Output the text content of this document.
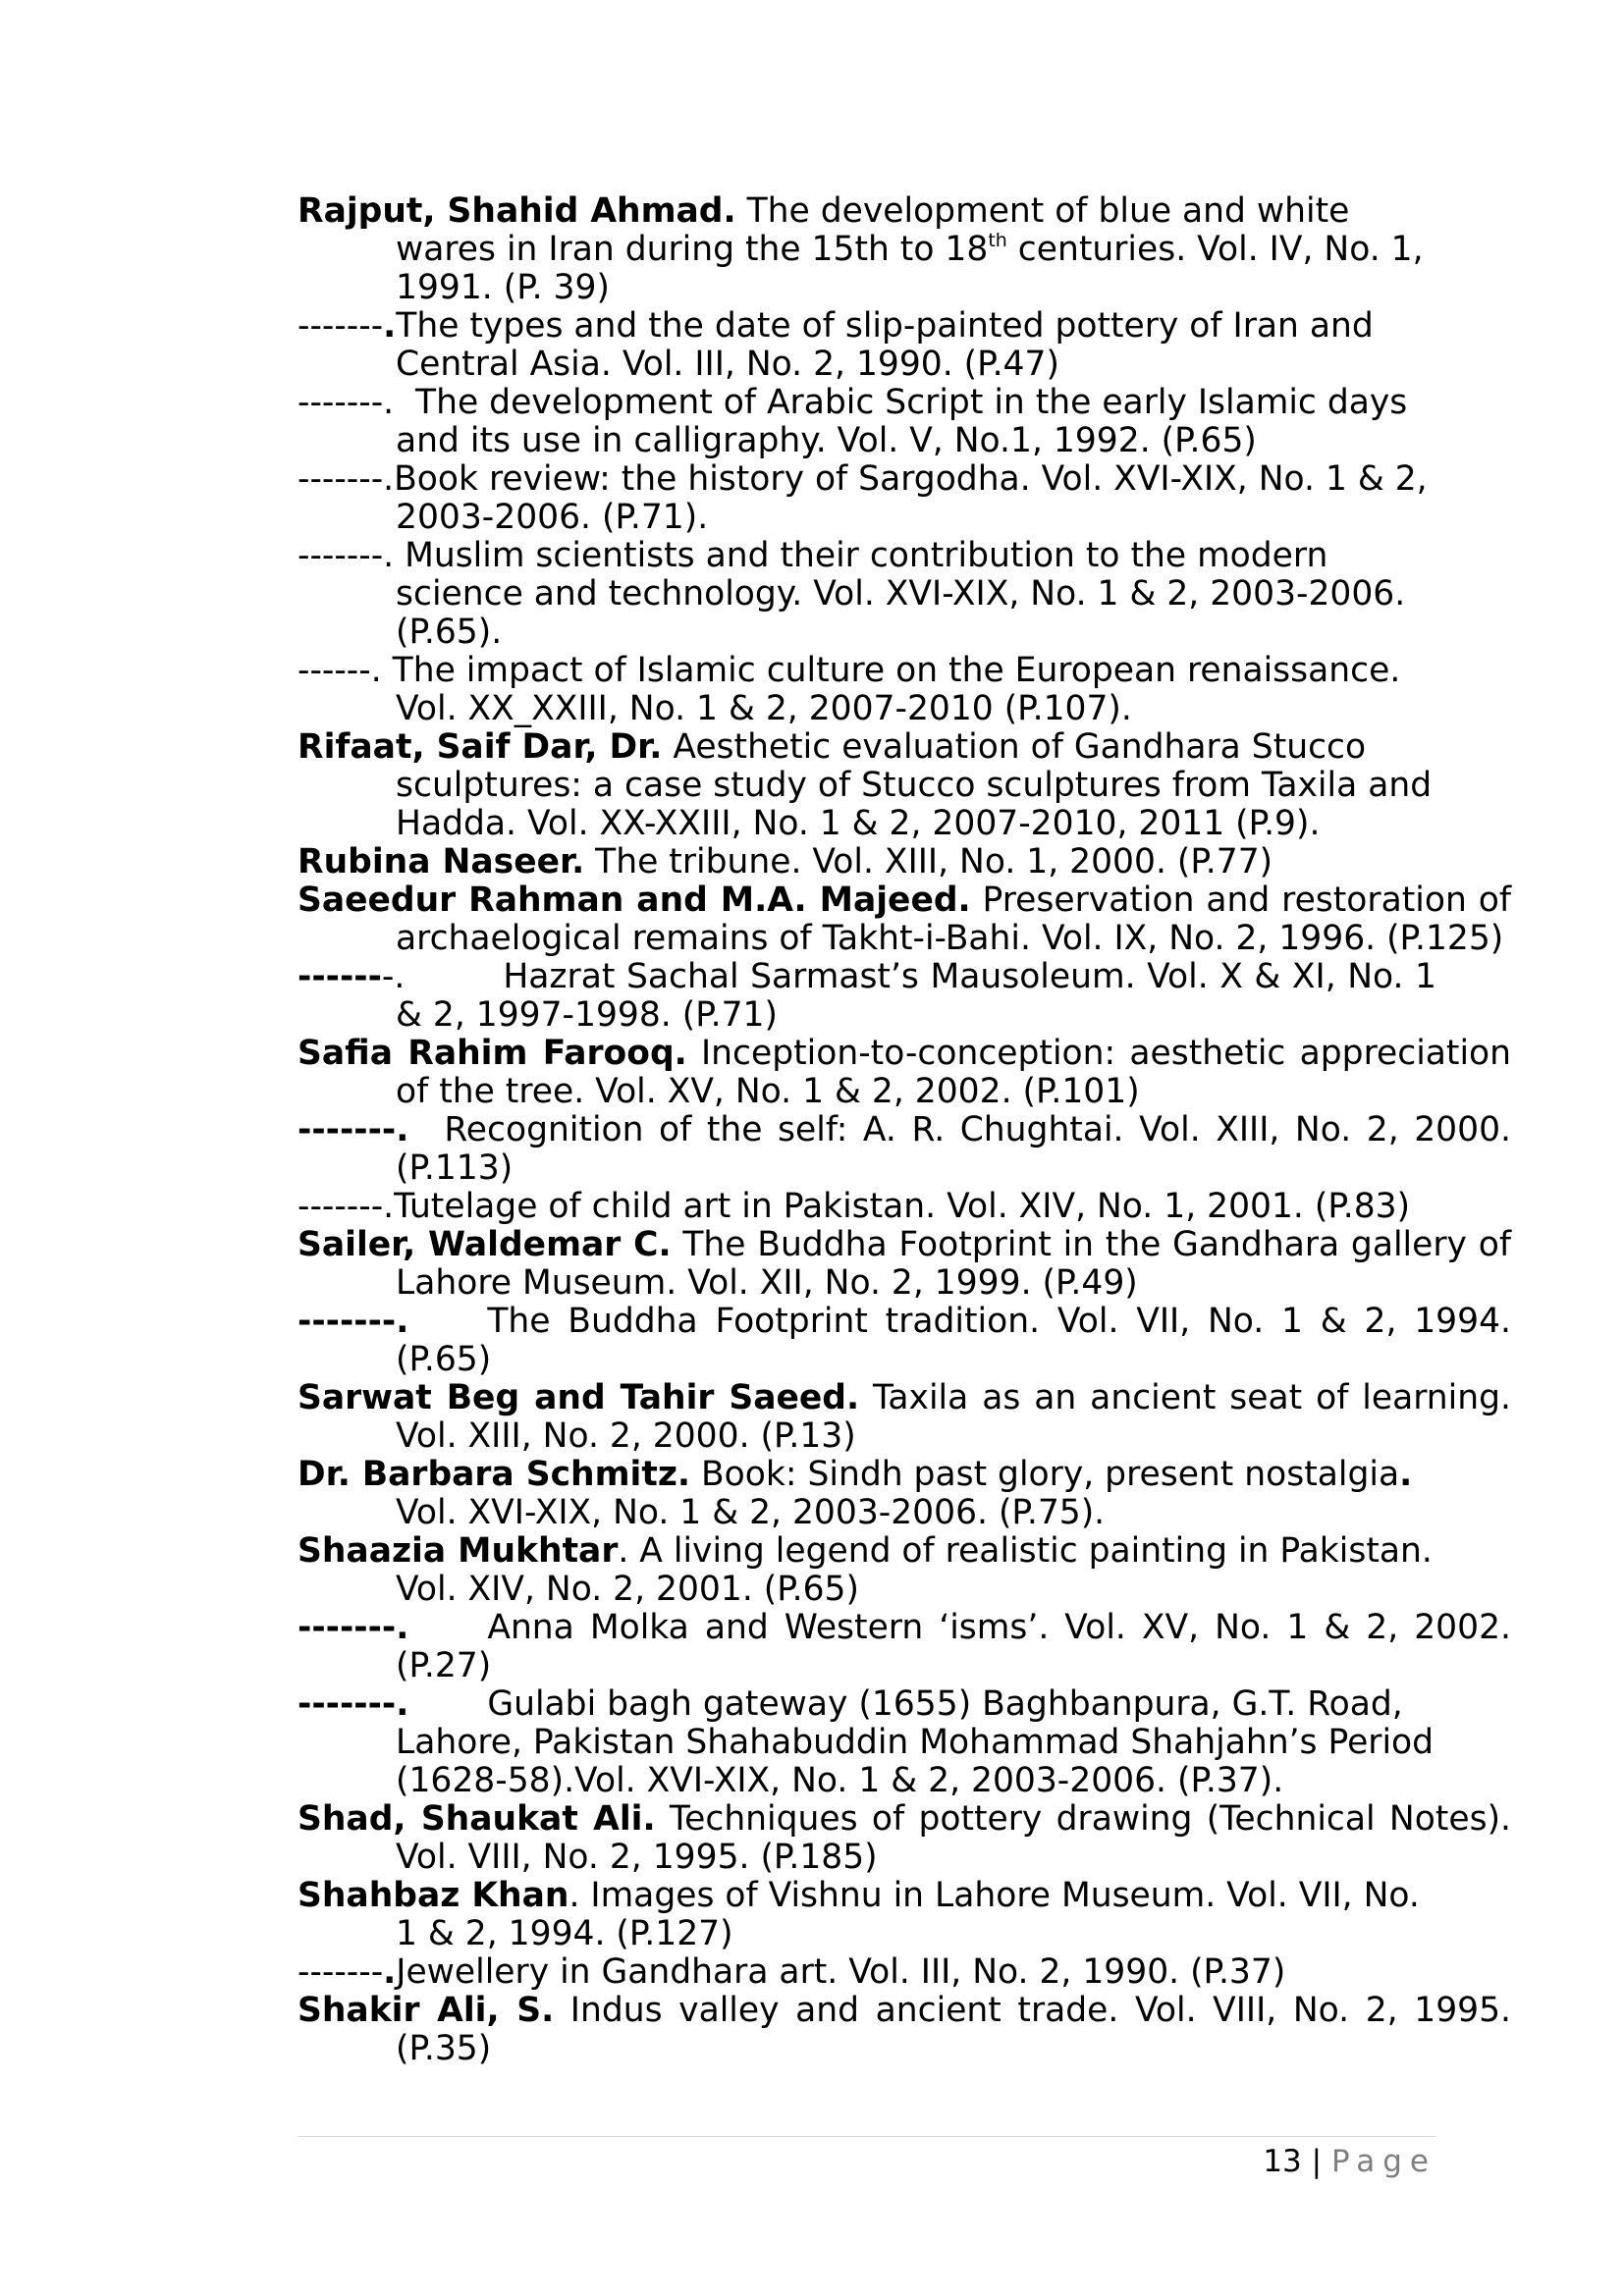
Rajput, Shahid Ahmad. The development of blue and white wares in Iran during the 15th to 18th centuries. Vol. IV, No. 1, 1991. (P. 39)

-------.The types and the date of slip-painted pottery of Iran and Central Asia. Vol. III, No. 2, 1990. (P.47)

-------.  The development of Arabic Script in the early Islamic days and its use in calligraphy. Vol. V, No.1, 1992. (P.65)

-------.Book review: the history of Sargodha. Vol. XVI-XIX, No. 1 & 2, 2003-2006. (P.71).

-------. Muslim scientists and their contribution to the modern science and technology. Vol. XVI-XIX, No. 1 & 2, 2003-2006. (P.65).

------. The impact of Islamic culture on the European renaissance. Vol. XX_XXIII, No. 1 & 2, 2007-2010 (P.107).

Rifaat, Saif Dar, Dr. Aesthetic evaluation of Gandhara Stucco sculptures: a case study of Stucco sculptures from Taxila and Hadda. Vol. XX-XXIII, No. 1 & 2, 2007-2010, 2011 (P.9).

Rubina Naseer. The tribune. Vol. XIII, No. 1, 2000. (P.77)

Saeedur Rahman and M.A. Majeed. Preservation and restoration of archaelogical remains of Takht-i-Bahi. Vol. IX, No. 2, 1996. (P.125)

-------.	Hazrat Sachal Sarmast’s Mausoleum. Vol. X & XI, No. 1 & 2, 1997-1998. (P.71)

Safia Rahim Farooq. Inception-to-conception: aesthetic appreciation of the tree. Vol. XV, No. 1 & 2, 2002. (P.101)

-------. Recognition of the self: A. R. Chughtai. Vol. XIII, No. 2, 2000. (P.113)

-------.Tutelage of child art in Pakistan. Vol. XIV, No. 1, 2001. (P.83)

Sailer, Waldemar C. The Buddha Footprint in the Gandhara gallery of Lahore Museum. Vol. XII, No. 2, 1999. (P.49)

-------. The Buddha Footprint tradition. Vol. VII, No. 1 & 2, 1994. (P.65)

Sarwat Beg and Tahir Saeed. Taxila as an ancient seat of learning. Vol. XIII, No. 2, 2000. (P.13)

Dr. Barbara Schmitz. Book: Sindh past glory, present nostalgia. Vol. XVI-XIX, No. 1 & 2, 2003-2006. (P.75).

Shaazia Mukhtar. A living legend of realistic painting in Pakistan. Vol. XIV, No. 2, 2001. (P.65)

-------. Anna Molka and Western ‘isms’. Vol. XV, No. 1 & 2, 2002. (P.27)

-------. Gulabi bagh gateway (1655) Baghbanpura, G.T. Road, Lahore, Pakistan Shahabuddin Mohammad Shahjahn’s Period (1628-58).Vol. XVI-XIX, No. 1 & 2, 2003-2006. (P.37).

Shad, Shaukat Ali. Techniques of pottery drawing (Technical Notes). Vol. VIII, No. 2, 1995. (P.185)

Shahbaz Khan. Images of Vishnu in Lahore Museum. Vol. VII, No. 1 & 2, 1994. (P.127)

-------.Jewellery in Gandhara art. Vol. III, No. 2, 1990. (P.37)

Shakir Ali, S. Indus valley and ancient trade. Vol. VIII, No. 2, 1995. (P.35)

13 | Page
